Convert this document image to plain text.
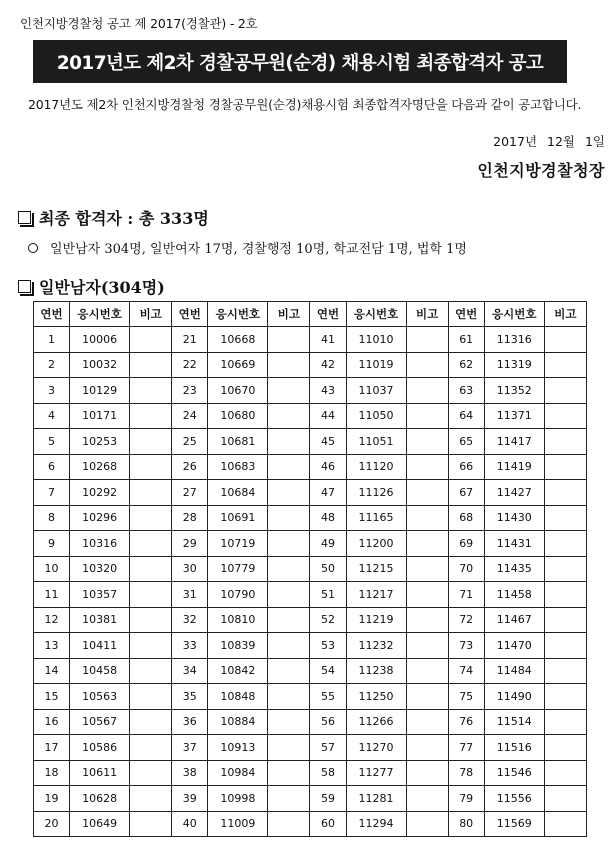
인천지방경찰청 공고 제 2017(경찰관) - 2호
2017년도 제2차 경찰공무원(순경) 채용시험 최종합격자 공고
2017년도 제2차 인천지방경찰청 경찰공무원(순경)채용시험 최종합격자명단을 다음과 같이 공고합니다.
2017년 12월 1일
인천지방경찰청장
최종 합격자 : 총 333명
일반남자 304명, 일반여자 17명, 경찰행정 10명, 학교전담 1명, 법학 1명
일반남자(304명)
연번	응시번호	비고	연번	응시번호	비고	연번	응시번호	비고	연번	응시번호	비고
1	10006		21	10668		41	11010		61	11316	
2	10032		22	10669		42	11019		62	11319	
3	10129		23	10670		43	11037		63	11352	
4	10171		24	10680		44	11050		64	11371	
5	10253		25	10681		45	11051		65	11417	
6	10268		26	10683		46	11120		66	11419	
7	10292		27	10684		47	11126		67	11427	
8	10296		28	10691		48	11165		68	11430	
9	10316		29	10719		49	11200		69	11431	
10	10320		30	10779		50	11215		70	11435	
11	10357		31	10790		51	11217		71	11458	
12	10381		32	10810		52	11219		72	11467	
13	10411		33	10839		53	11232		73	11470	
14	10458		34	10842		54	11238		74	11484	
15	10563		35	10848		55	11250		75	11490	
16	10567		36	10884		56	11266		76	11514	
17	10586		37	10913		57	11270		77	11516	
18	10611		38	10984		58	11277		78	11546	
19	10628		39	10998		59	11281		79	11556	
20	10649		40	11009		60	11294		80	11569	
